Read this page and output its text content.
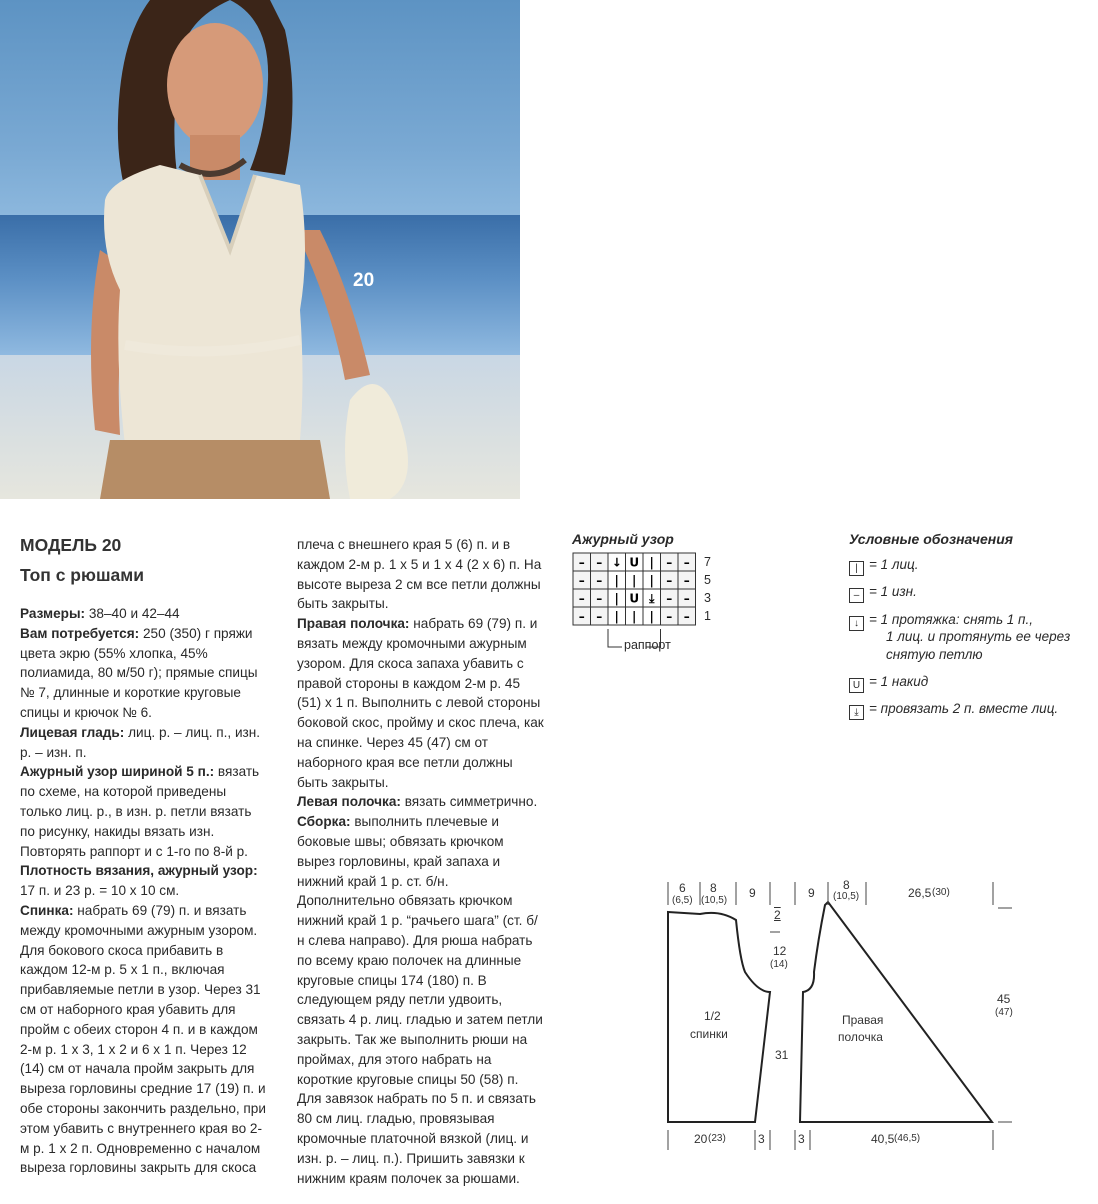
20
МОДЕЛЬ 20
Топ с рюшами

Размеры: 38–40 и 42–44

Вам потребуется: 250 (350) г пряжи цвета экрю (55% хлопка, 45% полиамида, 80 м/50 г); прямые спицы № 7, длинные и короткие круговые спицы и крючок № 6.

Лицевая гладь: лиц. р. – лиц. п., изн. р. – изн. п.

Ажурный узор шириной 5 п.: вязать по схеме, на которой приведены только лиц. р., в изн. р. петли вязать по рисунку, накиды вязать изн. Повторять раппорт и с 1-го по 8-й р.

Плотность вязания, ажурный узор: 17 п. и 23 р. = 10 х 10 см.

Спинка: набрать 69 (79) п. и вязать между кромочными ажурным узором. Для бокового скоса прибавить в каждом 12-м р. 5 х 1 п., включая прибавляемые петли в узор. Через 31 см от наборного края убавить для пройм с обеих сторон 4 п. и в каждом 2-м р. 1 х 3, 1 х 2 и 6 х 1 п. Через 12 (14) см от начала пройм закрыть для выреза горловины средние 17 (19) п. и обе стороны закончить раздельно, при этом убавить с внутреннего края во 2-м р. 1 х 2 п. Одновременно с началом выреза горловины закрыть для скоса

плеча с внешнего края 5 (6) п. и в каждом 2-м р. 1 х 5 и 1 х 4 (2 х 6) п. На высоте выреза 2 см все петли должны быть закрыты.

Правая полочка: набрать 69 (79) п. и вязать между кромочными ажурным узором. Для скоса запаха убавить с правой стороны в каждом 2-м р. 45 (51) х 1 п. Выполнить с левой стороны боковой скос, пройму и скос плеча, как на спинке. Через 45 (47) см от наборного края все петли должны быть закрыты.

Левая полочка: вязать симметрично.

Сборка: выполнить плечевые и боковые швы; обвязать крючком вырез горловины, край запаха и нижний край 1 р. ст. б/н. Дополнительно обвязать крючком нижний край 1 р. “рачьего шага” (ст. б/н слева направо). Для рюша набрать по всему краю полочек на длинные круговые спицы 174 (180) п. В следующем ряду петли удвоить, связать 4 р. лиц. гладью и затем петли закрыть. Так же выполнить рюши на проймах, для этого набрать на короткие круговые спицы 50 (58) п. Для завязок набрать по 5 п. и связать 80 см лиц. гладью, провязывая кромочные платочной вязкой (лиц. и изн. р. – лиц. п.). Пришить завязки к нижним краям полочек за рюшами.

Ажурный узор
– – ↓ U | – –
– – | | | – –
– – | U ⤓ – –
– – | | | – –
7
5
3
1
раппорт
Условные обозначения
| = 1 лиц.
– = 1 изн.
↓ = 1 протяжка: снять 1 п.,
1 лиц. и протянуть ее через
снятую петлю
U = 1 накид
⤓ = провязать 2 п. вместе лиц.
6
(6,5)
8
(10,5)
9	9
8
(10,5)	26,5 (30)
2
12
(14)
1/2
спинки
Правая
полочка
31
45
(47)
20 (23)	3	3	40,5 (46,5)
